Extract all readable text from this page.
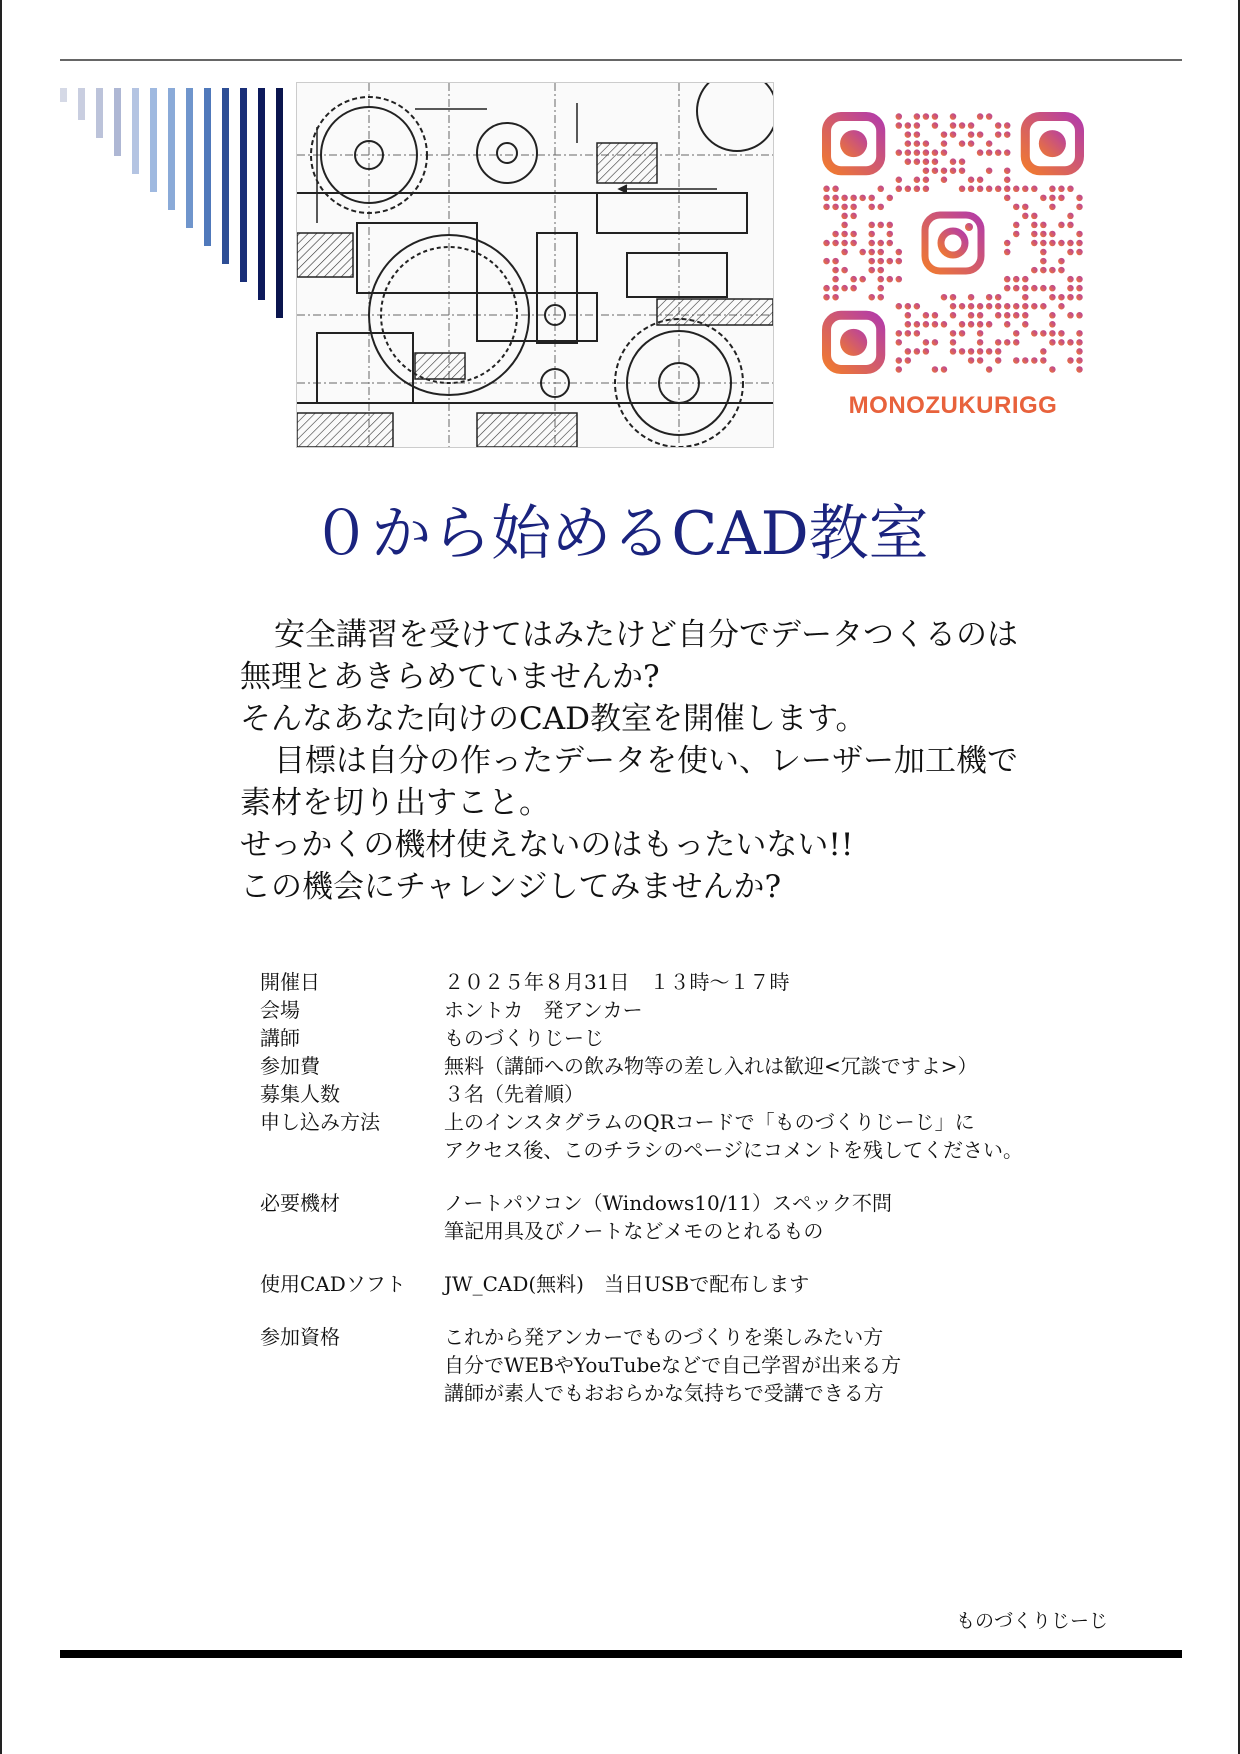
MONOZUKURIGG
０から始めるCAD教室
安全講習を受けてはみたけど自分でデータつくるのは
無理とあきらめていませんか?
そんなあなた向けのCAD教室を開催します。
目標は自分の作ったデータを使い、レーザー加工機で
素材を切り出すこと。
せっかくの機材使えないのはもったいない!!
この機会にチャレンジしてみませんか?
開催日	２０２５年８月31日　１３時～１７時
会場	ホントカ　発アンカー
講師	ものづくりじーじ
参加費	無料（講師への飲み物等の差し入れは歓迎<冗談ですよ>）
募集人数	３名（先着順）
申し込み方法	上のインスタグラムのQRコードで「ものづくりじーじ」に
アクセス後、このチラシのページにコメントを残してください。
必要機材	ノートパソコン（Windows10/11）スペック不問
筆記用具及びノートなどメモのとれるもの
使用CADソフト	JW_CAD(無料)　当日USBで配布します
参加資格	これから発アンカーでものづくりを楽しみたい方
自分でWEBやYouTubeなどで自己学習が出来る方
講師が素人でもおおらかな気持ちで受講できる方
ものづくりじーじ
